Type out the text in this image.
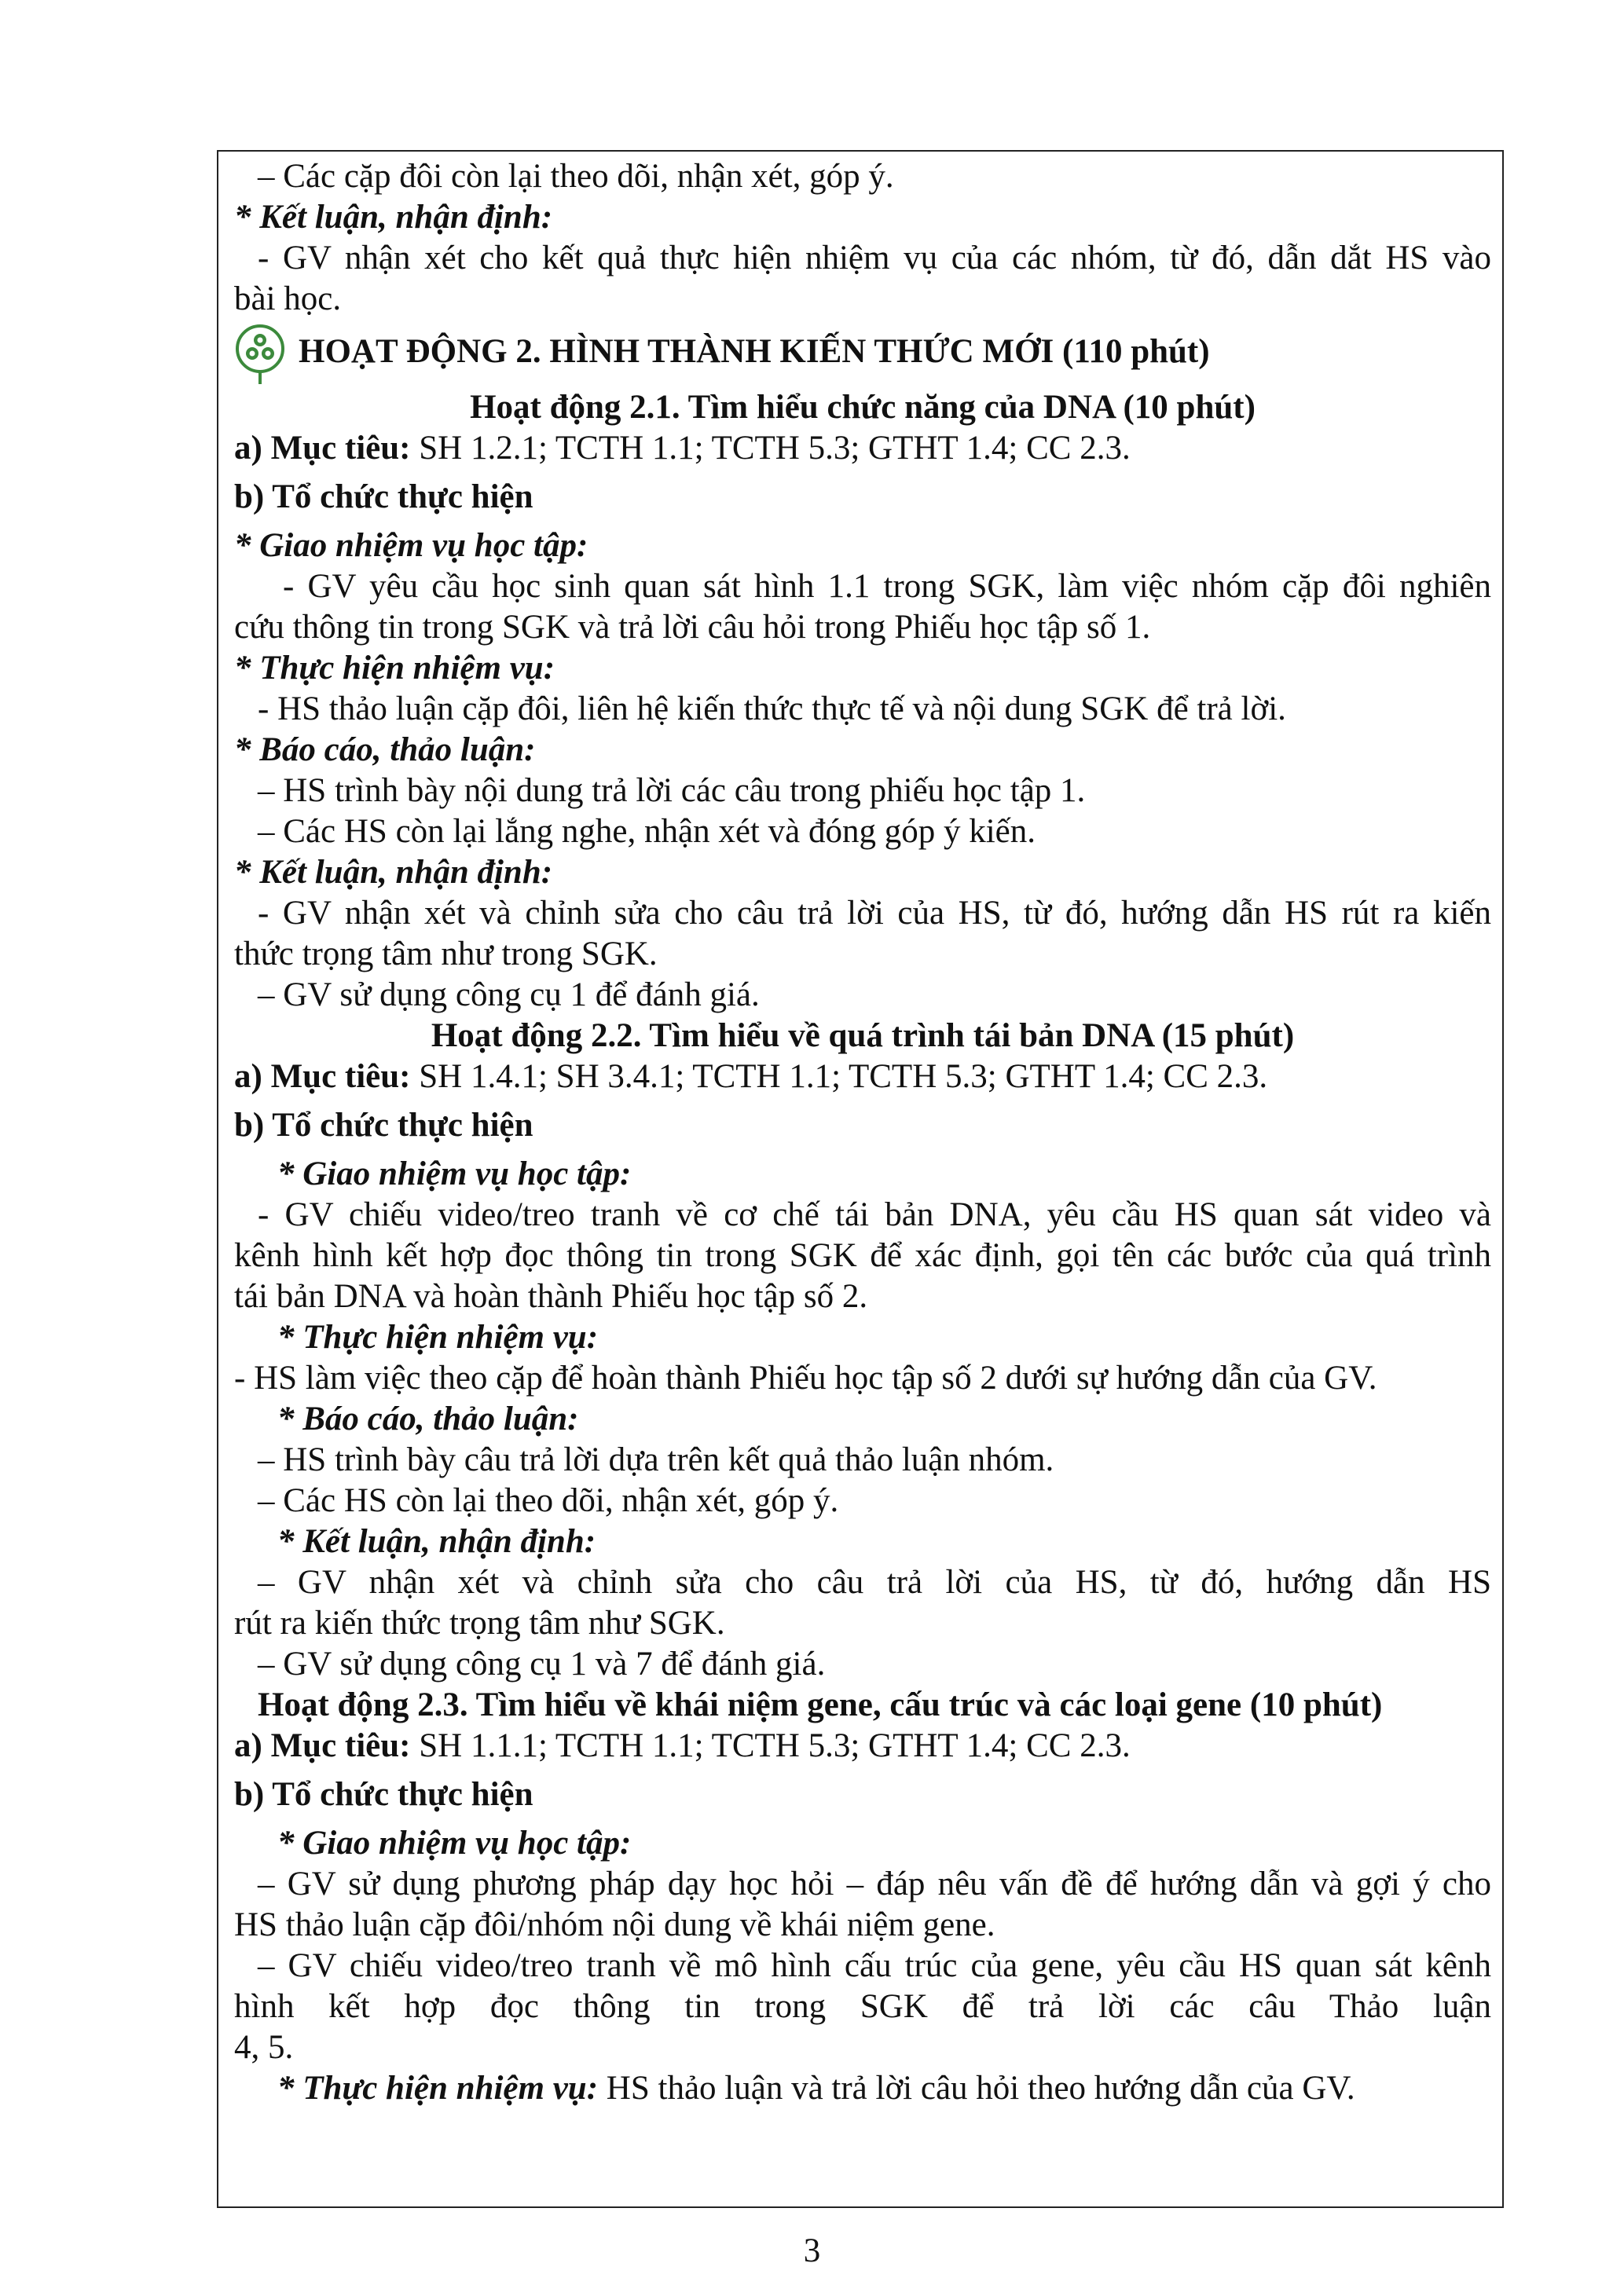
– Các cặp đôi còn lại theo dõi, nhận xét, góp ý.

* Kết luận, nhận định:

- GV nhận xét cho kết quả thực hiện nhiệm vụ của các nhóm, từ đó, dẫn dắt HS vào

bài học.

HOẠT ĐỘNG 2. HÌNH THÀNH KIẾN THỨC MỚI (110 phút)

Hoạt động 2.1. Tìm hiểu chức năng của DNA (10 phút)

a) Mục tiêu: SH 1.2.1; TCTH 1.1; TCTH 5.3; GTHT 1.4; CC 2.3.

b) Tổ chức thực hiện

* Giao nhiệm vụ học tập:

- GV yêu cầu học sinh quan sát hình 1.1 trong SGK, làm việc nhóm cặp đôi nghiên

cứu thông tin trong SGK và trả lời câu hỏi trong Phiếu học tập số 1.

* Thực hiện nhiệm vụ:

- HS thảo luận cặp đôi, liên hệ kiến thức thực tế và nội dung SGK để trả lời.

* Báo cáo, thảo luận:

– HS trình bày nội dung trả lời các câu trong phiếu học tập 1.

– Các HS còn lại lắng nghe, nhận xét và đóng góp ý kiến.

* Kết luận, nhận định:

- GV nhận xét và chỉnh sửa cho câu trả lời của HS, từ đó, hướng dẫn HS rút ra kiến

thức trọng tâm như trong SGK.

– GV sử dụng công cụ 1 để đánh giá.

Hoạt động 2.2. Tìm hiểu về quá trình tái bản DNA (15 phút)

a) Mục tiêu: SH 1.4.1; SH 3.4.1; TCTH 1.1; TCTH 5.3; GTHT 1.4; CC 2.3.

b) Tổ chức thực hiện

* Giao nhiệm vụ học tập:

- GV chiếu video/treo tranh về cơ chế tái bản DNA, yêu cầu HS quan sát video và

kênh hình kết hợp đọc thông tin trong SGK để xác định, gọi tên các bước của quá trình

tái bản DNA và hoàn thành Phiếu học tập số 2.

* Thực hiện nhiệm vụ:

- HS làm việc theo cặp để hoàn thành Phiếu học tập số 2 dưới sự hướng dẫn của GV.

* Báo cáo, thảo luận:

– HS trình bày câu trả lời dựa trên kết quả thảo luận nhóm.

– Các HS còn lại theo dõi, nhận xét, góp ý.

* Kết luận, nhận định:

– GV nhận xét và chỉnh sửa cho câu trả lời của HS, từ đó, hướng dẫn HS

rút ra kiến thức trọng tâm như SGK.

– GV sử dụng công cụ 1 và 7 để đánh giá.

Hoạt động 2.3. Tìm hiểu về khái niệm gene, cấu trúc và các loại gene (10 phút)

a) Mục tiêu: SH 1.1.1; TCTH 1.1; TCTH 5.3; GTHT 1.4; CC 2.3.

b) Tổ chức thực hiện

* Giao nhiệm vụ học tập:

– GV sử dụng phương pháp dạy học hỏi – đáp nêu vấn đề để hướng dẫn và gợi ý cho

HS thảo luận cặp đôi/nhóm nội dung về khái niệm gene.

– GV chiếu video/treo tranh về mô hình cấu trúc của gene, yêu cầu HS quan sát kênh

hình kết hợp đọc thông tin trong SGK để trả lời các câu Thảo luận

4, 5.

* Thực hiện nhiệm vụ: HS thảo luận và trả lời câu hỏi theo hướng dẫn của GV.

3
